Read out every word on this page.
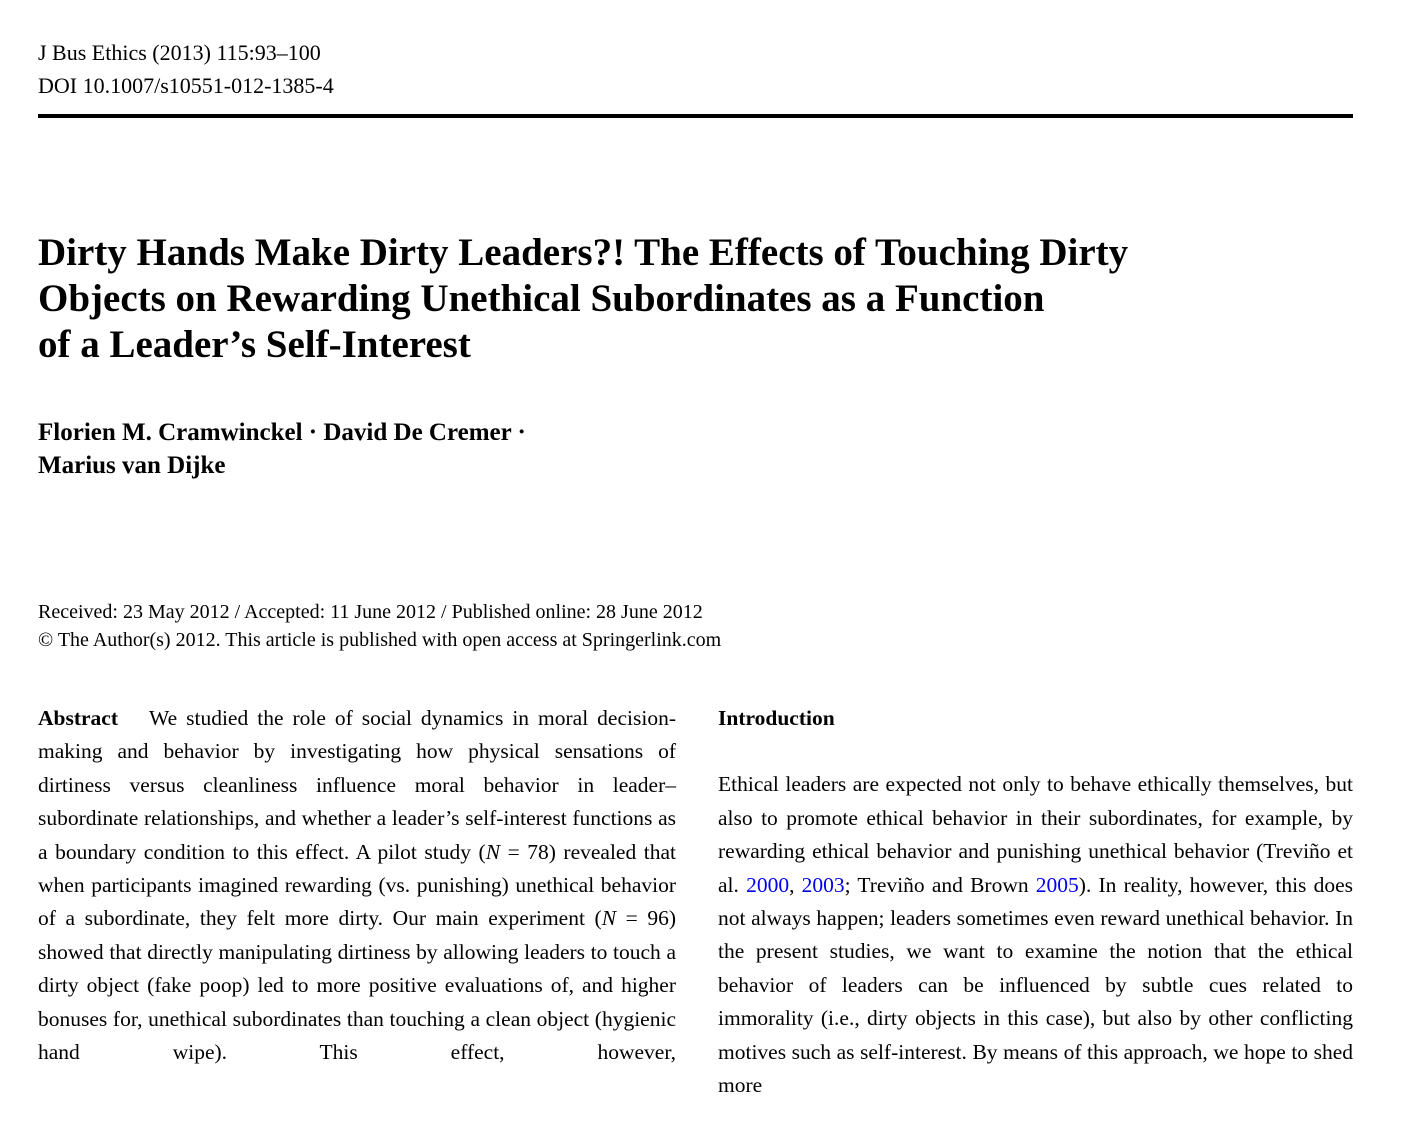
J Bus Ethics (2013) 115:93–100
DOI 10.1007/s10551-012-1385-4
Dirty Hands Make Dirty Leaders?! The Effects of Touching Dirty
Objects on Rewarding Unethical Subordinates as a Function
of a Leader’s Self-Interest
Florien M. Cramwinckel · David De Cremer ·
Marius van Dijke
Received: 23 May 2012 / Accepted: 11 June 2012 / Published online: 28 June 2012
© The Author(s) 2012. This article is published with open access at Springerlink.com

Abstract We studied the role of social dynamics in moral decision-making and behavior by investigating how physical sensations of dirtiness versus cleanliness influence moral behavior in leader–subordinate relationships, and whether a leader’s self-interest functions as a boundary condition to this effect. A pilot study (N = 78) revealed that when participants imagined rewarding (vs. punishing) unethical behavior of a subordinate, they felt more dirty. Our main experiment (N = 96) showed that directly manipulating dirtiness by allowing leaders to touch a dirty object (fake poop) led to more positive evaluations of, and higher bonuses for, unethical subordinates than touching a clean object (hygienic hand wipe). This effect, however,

Introduction

Ethical leaders are expected not only to behave ethically themselves, but also to promote ethical behavior in their subordinates, for example, by rewarding ethical behavior and punishing unethical behavior (Treviño et al. 2000, 2003; Treviño and Brown 2005). In reality, however, this does not always happen; leaders sometimes even reward unethical behavior. In the present studies, we want to examine the notion that the ethical behavior of leaders can be influenced by subtle cues related to immorality (i.e., dirty objects in this case), but also by other conflicting motives such as self-interest. By means of this approach, we hope to shed more
